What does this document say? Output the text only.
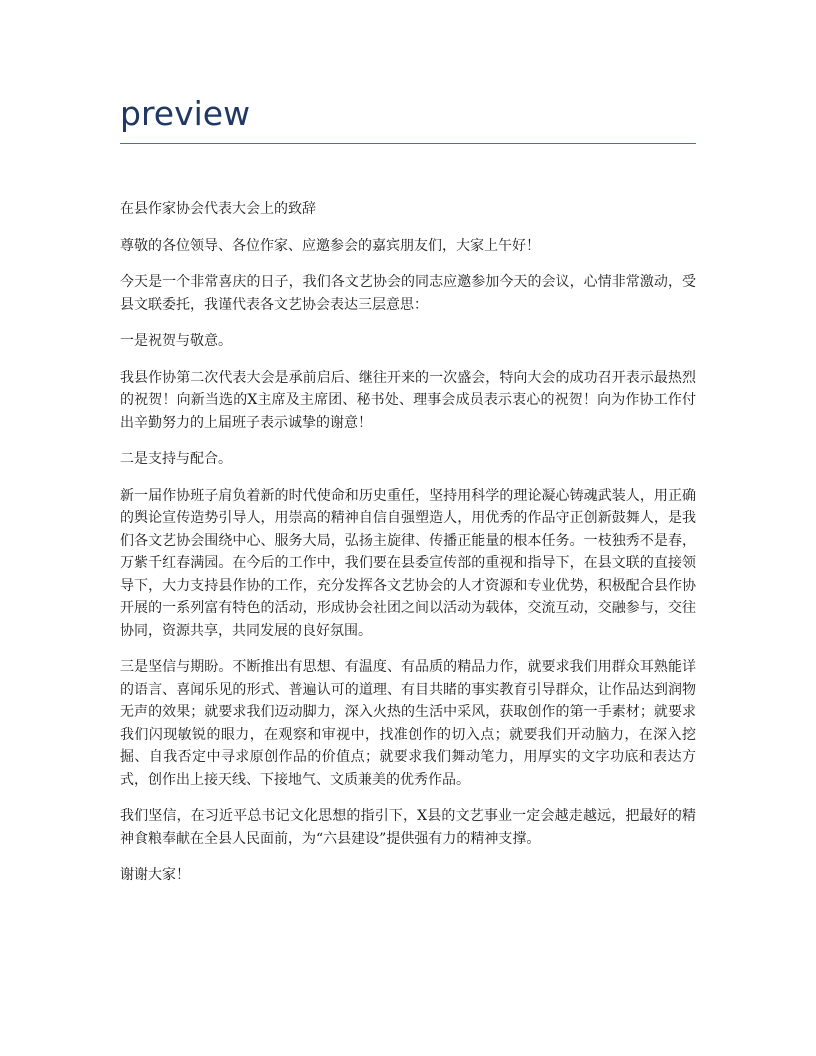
preview

在县作家协会代表大会上的致辞

尊敬的各位领导、各位作家、应邀参会的嘉宾朋友们，大家上午好！

今天是一个非常喜庆的日子，我们各文艺协会的同志应邀参加今天的会议，心情非常激动，受县文联委托，我谨代表各文艺协会表达三层意思：

一是祝贺与敬意。

我县作协第二次代表大会是承前启后、继往开来的一次盛会，特向大会的成功召开表示最热烈的祝贺！向新当选的X主席及主席团、秘书处、理事会成员表示衷心的祝贺！向为作协工作付出辛勤努力的上届班子表示诚挚的谢意！

二是支持与配合。

新一届作协班子肩负着新的时代使命和历史重任，坚持用科学的理论凝心铸魂武装人，用正确的舆论宣传造势引导人，用崇高的精神自信自强塑造人，用优秀的作品守正创新鼓舞人，是我们各文艺协会围绕中心、服务大局，弘扬主旋律、传播正能量的根本任务。一枝独秀不是春，万紫千红春满园。在今后的工作中，我们要在县委宣传部的重视和指导下，在县文联的直接领导下，大力支持县作协的工作，充分发挥各文艺协会的人才资源和专业优势，积极配合县作协开展的一系列富有特色的活动，形成协会社团之间以活动为载体，交流互动，交融参与，交往协同，资源共享，共同发展的良好氛围。

三是坚信与期盼。不断推出有思想、有温度、有品质的精品力作，就要求我们用群众耳熟能详的语言、喜闻乐见的形式、普遍认可的道理、有目共睹的事实教育引导群众，让作品达到润物无声的效果；就要求我们迈动脚力，深入火热的生活中采风，获取创作的第一手素材；就要求我们闪现敏锐的眼力，在观察和审视中，找准创作的切入点；就要我们开动脑力，在深入挖掘、自我否定中寻求原创作品的价值点；就要求我们舞动笔力，用厚实的文字功底和表达方式，创作出上接天线、下接地气、文质兼美的优秀作品。

我们坚信，在习近平总书记文化思想的指引下，X县的文艺事业一定会越走越远，把最好的精神食粮奉献在全县人民面前，为“六县建设”提供强有力的精神支撑。

谢谢大家！
